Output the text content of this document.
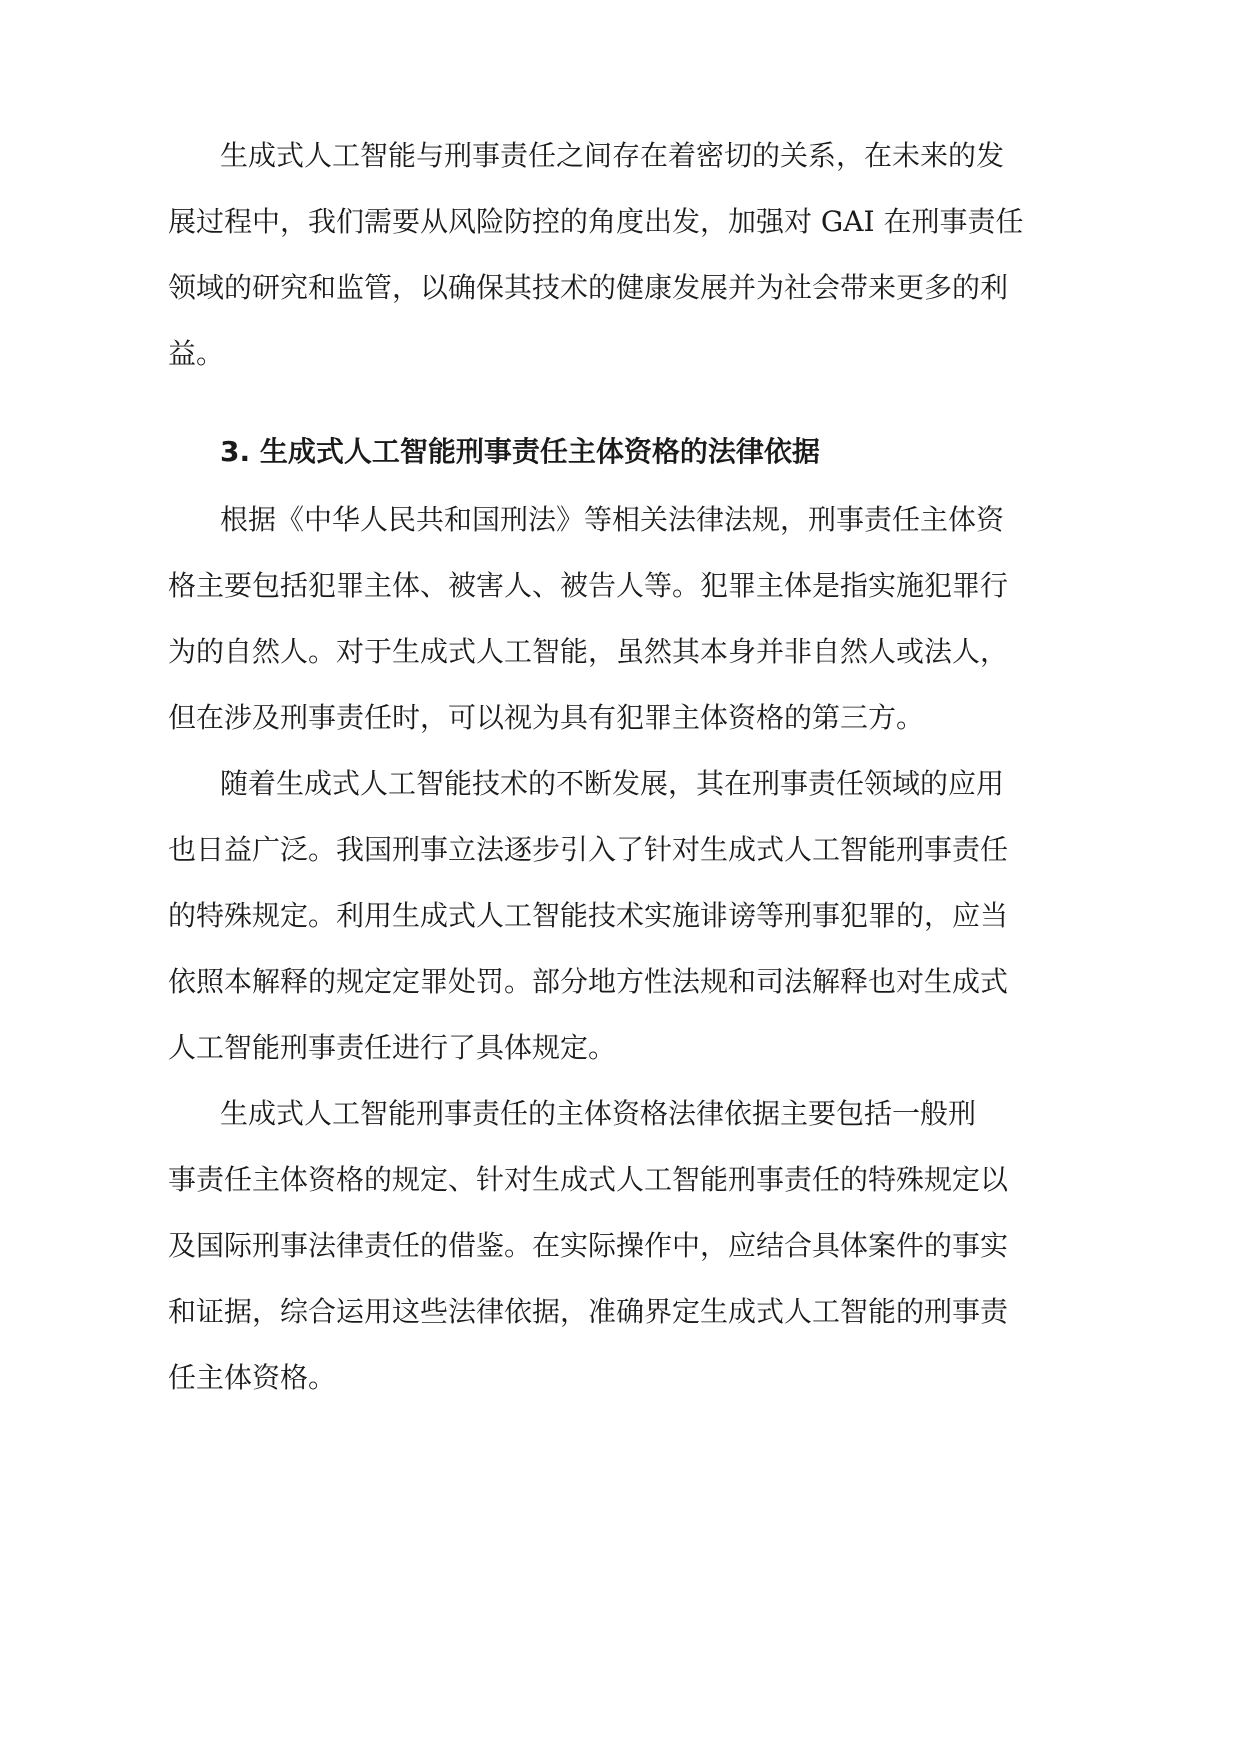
生成式人工智能与刑事责任之间存在着密切的关系，在未来的发
展过程中，我们需要从风险防控的角度出发，加强对 GAI 在刑事责任
领域的研究和监管，以确保其技术的健康发展并为社会带来更多的利
益。
3. 生成式人工智能刑事责任主体资格的法律依据
根据《中华人民共和国刑法》等相关法律法规，刑事责任主体资
格主要包括犯罪主体、被害人、被告人等。犯罪主体是指实施犯罪行
为的自然人。对于生成式人工智能，虽然其本身并非自然人或法人，
但在涉及刑事责任时，可以视为具有犯罪主体资格的第三方。
随着生成式人工智能技术的不断发展，其在刑事责任领域的应用
也日益广泛。我国刑事立法逐步引入了针对生成式人工智能刑事责任
的特殊规定。利用生成式人工智能技术实施诽谤等刑事犯罪的，应当
依照本解释的规定定罪处罚。部分地方性法规和司法解释也对生成式
人工智能刑事责任进行了具体规定。
生成式人工智能刑事责任的主体资格法律依据主要包括一般刑
事责任主体资格的规定、针对生成式人工智能刑事责任的特殊规定以
及国际刑事法律责任的借鉴。在实际操作中，应结合具体案件的事实
和证据，综合运用这些法律依据，准确界定生成式人工智能的刑事责
任主体资格。
